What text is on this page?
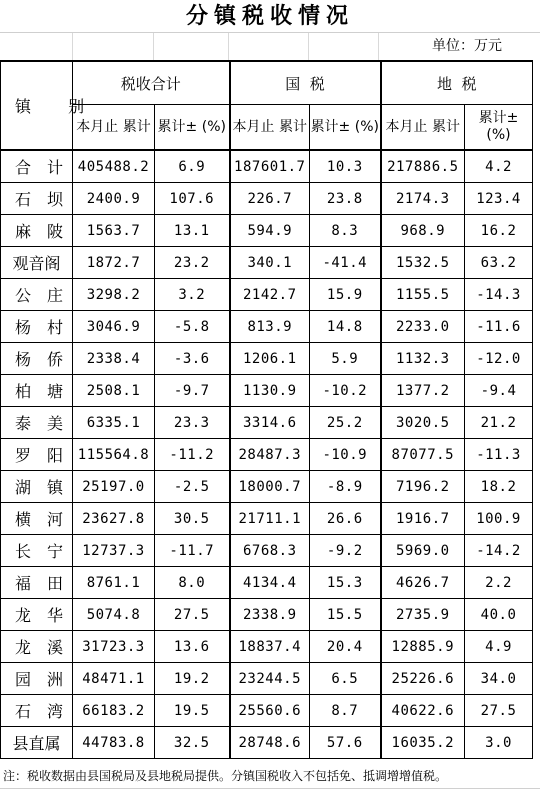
分镇税收情况
单位：万元
镇 别	税收合计		国  税		地  税	
	本月止 累计	累计± (%)	本月止 累计	累计± (%)	本月止 累计	累计± (%)
合计	405488.2	6.9	187601.7	10.3	217886.5	4.2
石坝	2400.9	107.6	226.7	23.8	2174.3	123.4
麻陂	1563.7	13.1	594.9	8.3	968.9	16.2
观音阁	1872.7	23.2	340.1	-41.4	1532.5	63.2
公庄	3298.2	3.2	2142.7	15.9	1155.5	-14.3
杨村	3046.9	-5.8	813.9	14.8	2233.0	-11.6
杨侨	2338.4	-3.6	1206.1	5.9	1132.3	-12.0
柏塘	2508.1	-9.7	1130.9	-10.2	1377.2	-9.4
泰美	6335.1	23.3	3314.6	25.2	3020.5	21.2
罗阳	115564.8	-11.2	28487.3	-10.9	87077.5	-11.3
湖镇	25197.0	-2.5	18000.7	-8.9	7196.2	18.2
横河	23627.8	30.5	21711.1	26.6	1916.7	100.9
长宁	12737.3	-11.7	6768.3	-9.2	5969.0	-14.2
福田	8761.1	8.0	4134.4	15.3	4626.7	2.2
龙华	5074.8	27.5	2338.9	15.5	2735.9	40.0
龙溪	31723.3	13.6	18837.4	20.4	12885.9	4.9
园洲	48471.1	19.2	23244.5	6.5	25226.6	34.0
石湾	66183.2	19.5	25560.6	8.7	40622.6	27.5
县直属	44783.8	32.5	28748.6	57.6	16035.2	3.0
注：税收数据由县国税局及县地税局提供。分镇国税收入不包括免、抵调增增值税。
